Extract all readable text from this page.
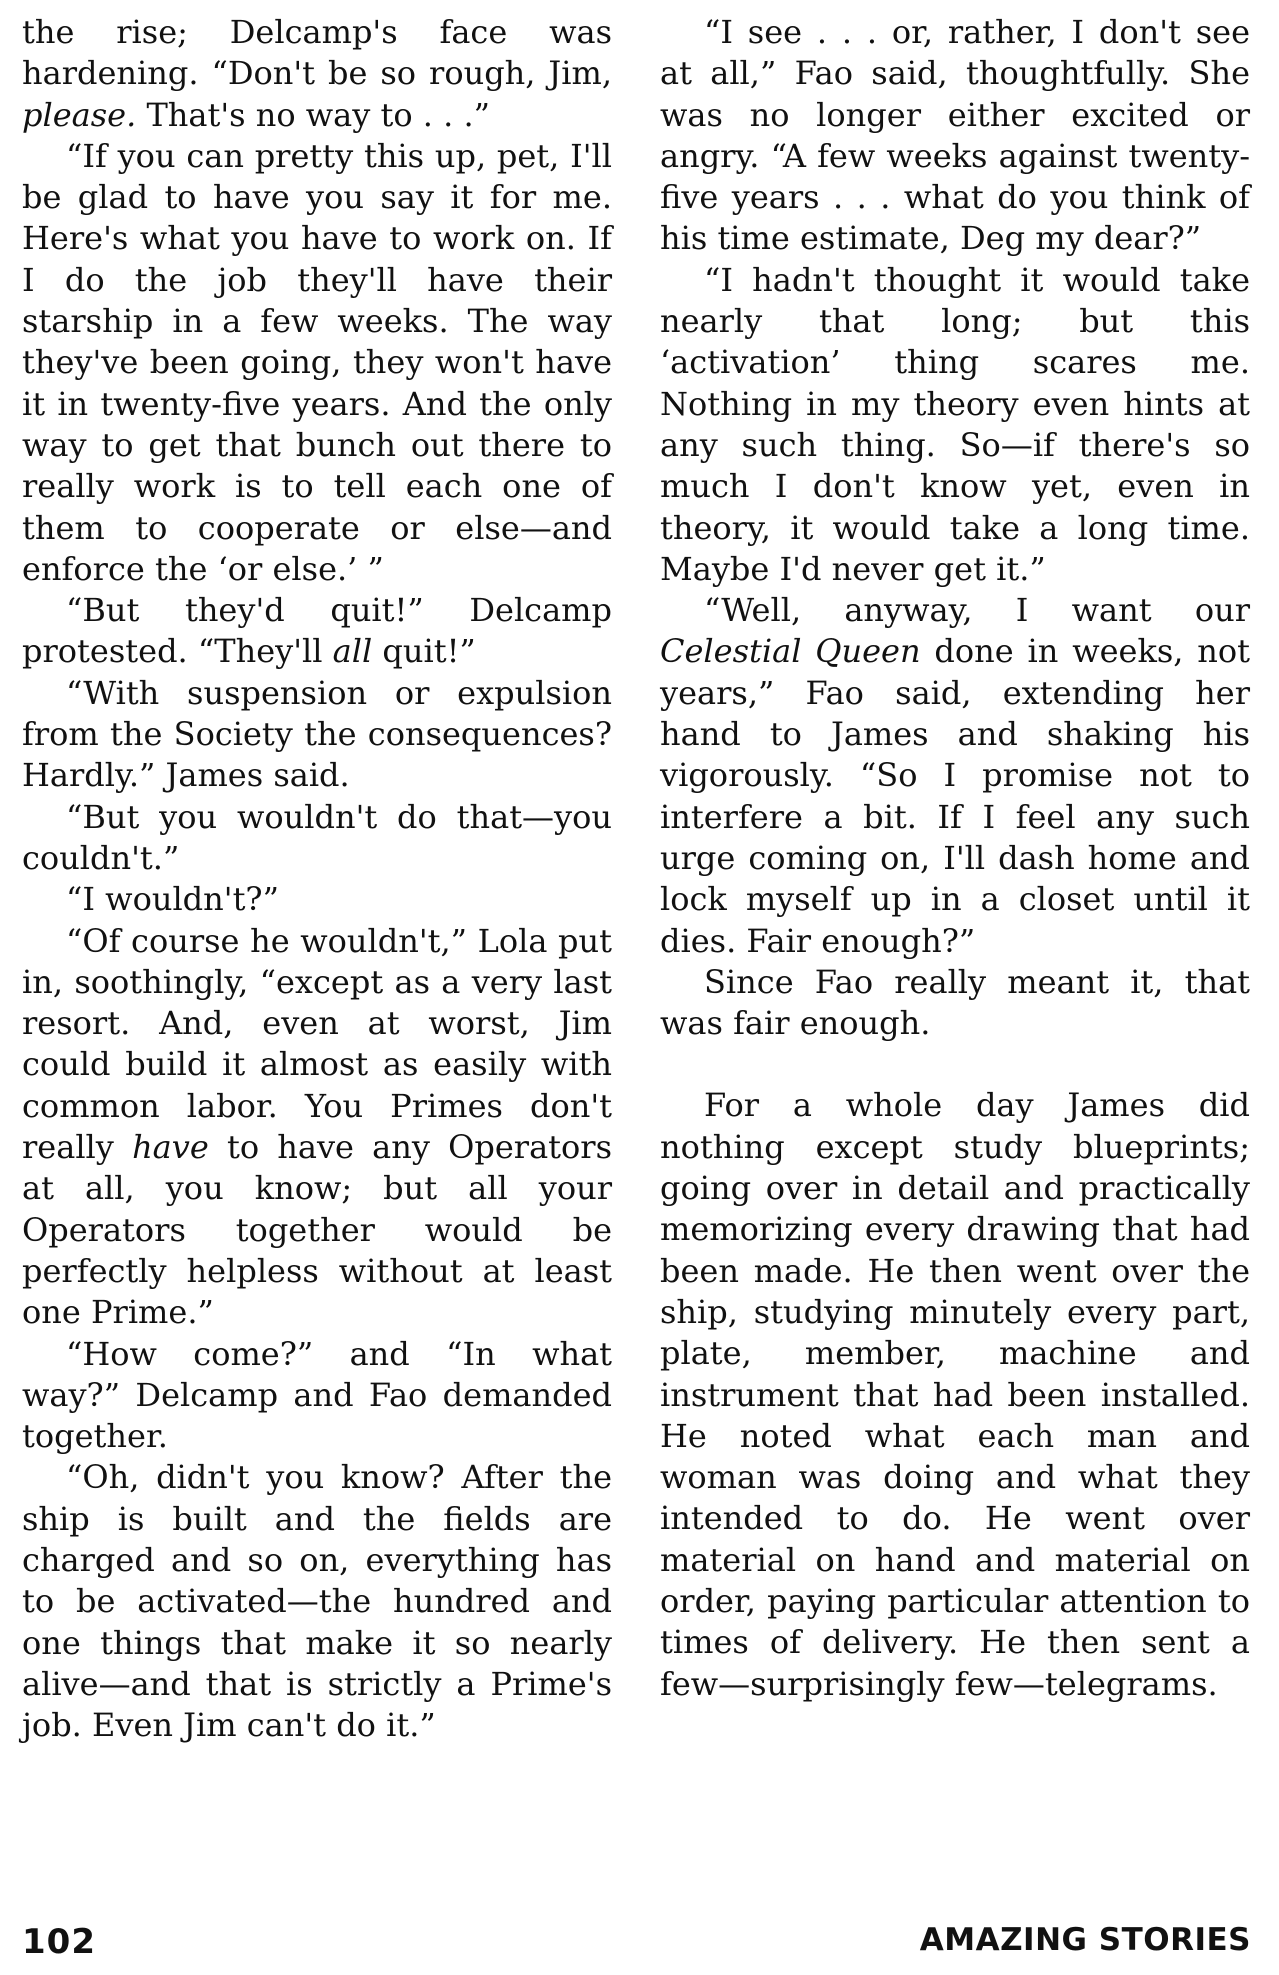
the rise; Delcamp's face was hardening. “Don't be so rough, Jim, please. That's no way to . . .”

“If you can pretty this up, pet, I'll be glad to have you say it for me. Here's what you have to work on. If I do the job they'll have their starship in a few weeks. The way they've been going, they won't have it in twenty-five years. And the only way to get that bunch out there to really work is to tell each one of them to cooperate or else—and enforce the ‘or else.’ ”

“But they'd quit!” Delcamp protested. “They'll all quit!”

“With suspension or expulsion from the Society the consequences? Hardly.” James said.

“But you wouldn't do that—you couldn't.”

“I wouldn't?”

“Of course he wouldn't,” Lola put in, soothingly, “except as a very last resort. And, even at worst, Jim could build it almost as easily with common labor. You Primes don't really have to have any Operators at all, you know; but all your Operators together would be perfectly helpless without at least one Prime.”

“How come?” and “In what way?” Delcamp and Fao demanded together.

“Oh, didn't you know? After the ship is built and the fields are charged and so on, everything has to be activated—the hundred and one things that make it so nearly alive—and that is strictly a Prime's job. Even Jim can't do it.”

“I see . . . or, rather, I don't see at all,” Fao said, thoughtfully. She was no longer either excited or angry. “A few weeks against twenty-five years . . . what do you think of his time estimate, Deg my dear?”

“I hadn't thought it would take nearly that long; but this ‘activation’ thing scares me. Nothing in my theory even hints at any such thing. So—if there's so much I don't know yet, even in theory, it would take a long time. Maybe I'd never get it.”

“Well, anyway, I want our Celestial Queen done in weeks, not years,” Fao said, extending her hand to James and shaking his vigorously. “So I promise not to interfere a bit. If I feel any such urge coming on, I'll dash home and lock myself up in a closet until it dies. Fair enough?”

Since Fao really meant it, that was fair enough.

For a whole day James did nothing except study blueprints; going over in detail and practically memorizing every drawing that had been made. He then went over the ship, studying minutely every part, plate, member, machine and instrument that had been installed. He noted what each man and woman was doing and what they intended to do. He went over material on hand and material on order, paying particular attention to times of delivery. He then sent a few—surprisingly few—telegrams.

102	AMAZING STORIES
